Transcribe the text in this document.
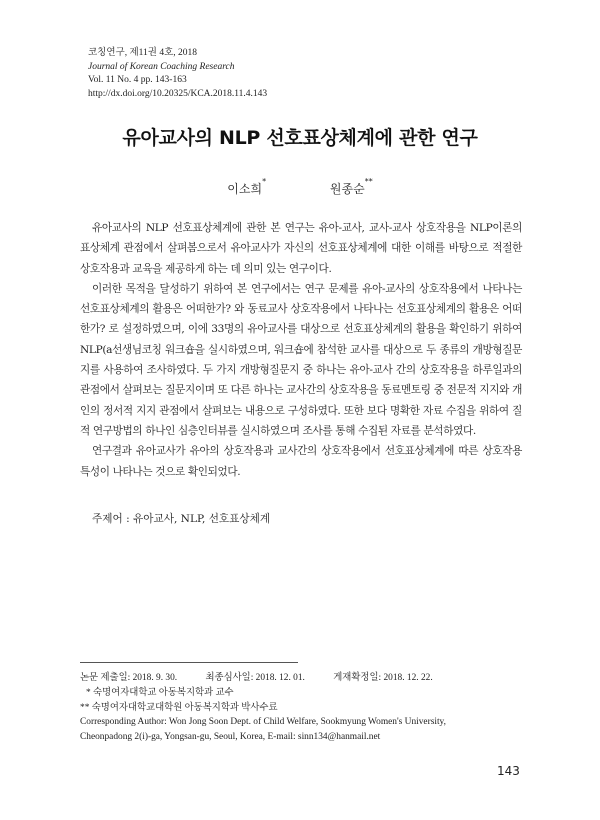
코칭연구, 제11권 4호, 2018
Journal of Korean Coaching Research
Vol. 11 No. 4 pp. 143-163
http://dx.doi.org/10.20325/KCA.2018.11.4.143
유아교사의 NLP 선호표상체계에 관한 연구
이소희* 원종순**

유아교사의 NLP 선호표상체계에 관한 본 연구는 유아-교사, 교사-교사 상호작용을 NLP이론의 표상체계 관점에서 살펴봄으로서 유아교사가 자신의 선호표상체계에 대한 이해를 바탕으로 적절한 상호작용과 교육을 제공하게 하는 데 의미 있는 연구이다.

이러한 목적을 달성하기 위하여 본 연구에서는 연구 문제를 유아-교사의 상호작용에서 나타나는 선호표상체계의 활용은 어떠한가? 와 동료교사 상호작용에서 나타나는 선호표상체계의 활용은 어떠한가? 로 설정하였으며, 이에 33명의 유아교사를 대상으로 선호표상체계의 활용을 확인하기 위하여 NLP(a선생님코칭 워크숍을 실시하였으며, 워크숍에 참석한 교사를 대상으로 두 종류의 개방형질문지를 사용하여 조사하였다. 두 가지 개방형질문지 중 하나는 유아-교사 간의 상호작용을 하루일과의 관점에서 살펴보는 질문지이며 또 다른 하나는 교사간의 상호작용을 동료멘토링 중 전문적 지지와 개인의 정서적 지지 관점에서 살펴보는 내용으로 구성하였다. 또한 보다 명확한 자료 수집을 위하여 질적 연구방법의 하나인 심층인터뷰를 실시하였으며 조사를 통해 수집된 자료를 분석하였다.

연구결과 유아교사가 유아의 상호작용과 교사간의 상호작용에서 선호표상체계에 따른 상호작용 특성이 나타나는 것으로 확인되었다.

주제어 : 유아교사, NLP, 선호표상체계
논문 제출일: 2018. 9. 30.	최종심사일: 2018. 12. 01.	게재확정일: 2018. 12. 22.
* 숙명여자대학교 아동복지학과 교수
** 숙명여자대학교대학원 아동복지학과 박사수료
Corresponding Author: Won Jong Soon Dept. of Child Welfare, Sookmyung Women's University,
Cheonpadong 2(i)-ga, Yongsan-gu, Seoul, Korea, E-mail: sinn134@hanmail.net
143
